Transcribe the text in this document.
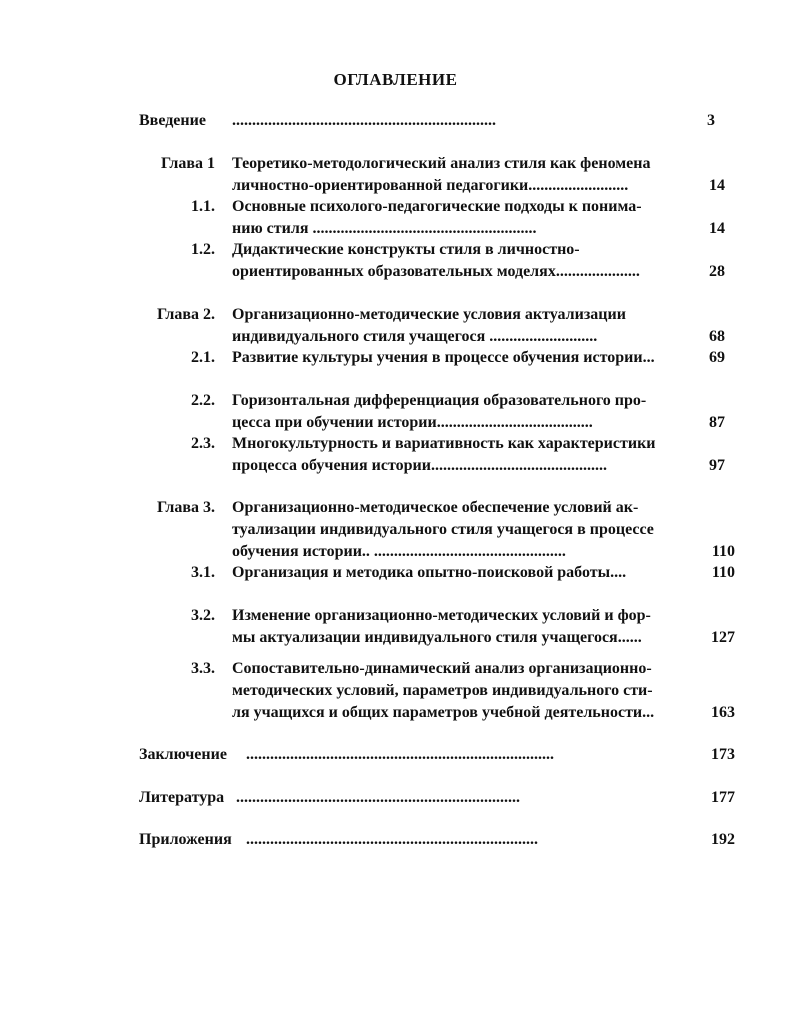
ОГЛАВЛЕНИЕ
Введение ..................................................................	3
Глава 1 Теоретико-методологический анализ стиля как феномена
личностно-ориентированной педагогики.........................	14
1.1. Основные психолого-педагогические подходы к понима-
нию стиля ........................................................	14
1.2. Дидактические конструкты стиля в личностно-
ориентированных образовательных моделях.....................	28
Глава 2. Организационно-методические условия актуализации
индивидуального стиля учащегося ...........................	68
2.1. Развитие культуры учения в процессе обучения истории...	69
2.2. Горизонтальная дифференциация образовательного про-
цесса при обучении истории.......................................	87
2.3. Многокультурность и вариативность как характеристики
процесса обучения истории............................................	97
Глава 3. Организационно-методическое обеспечение условий ак-
туализации индивидуального стиля учащегося в процессе
обучения истории.. ................................................	110
3.1. Организация и методика опытно-поисковой работы....	110
3.2. Изменение организационно-методических условий и фор-
мы актуализации индивидуального стиля учащегося......	127
3.3. Сопоставительно-динамический анализ организационно-
методических условий, параметров индивидуального сти-
ля учащихся и общих параметров учебной деятельности...	163
Заключение .............................................................................	173
Литература .......................................................................	177
Приложения .........................................................................	192
